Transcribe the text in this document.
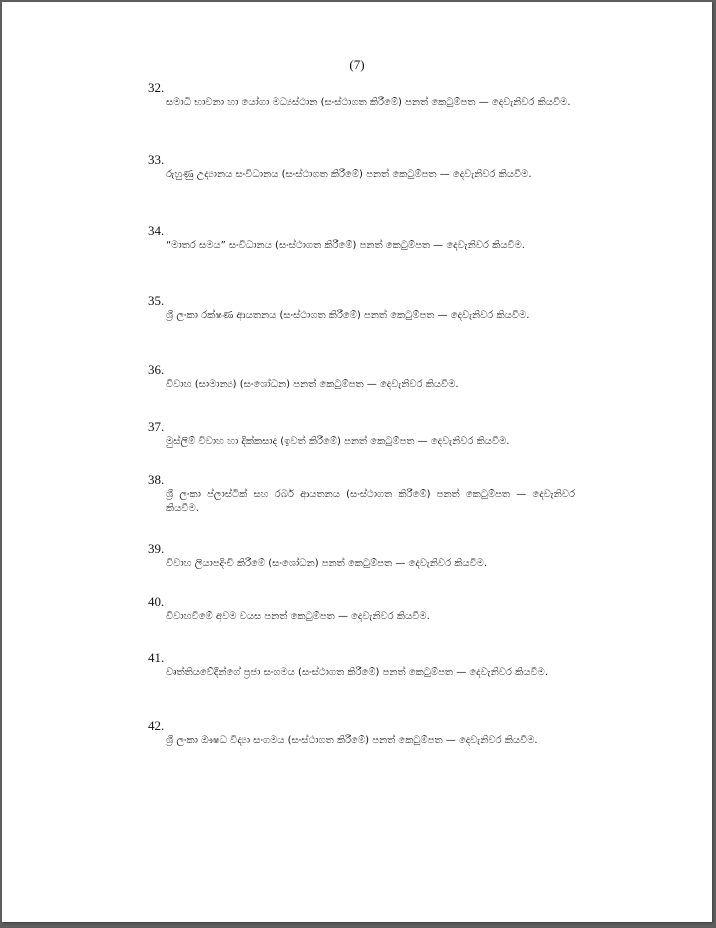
(7)
32.
සමාධි භාවනා හා යෝගා මධ්‍යස්ථාන (සංස්ථාගත කිරීමේ) පනත් කෙටුම්පත — දෙවැනිවර කියවීම.
33.
රුහුණු උද්‍යානය සංවිධානය (සංස්ථාගත කිරීමේ) පනත් කෙටුම්පත — දෙවැනිවර කියවීම.
34.
“මාතර සමය” සංවිධානය (සංස්ථාගත කිරීමේ) පනත් කෙටුම්පත — දෙවැනිවර කියවීම.
35.
ශ්‍රී ලංකා රක්ෂණ ආයතනය (සංස්ථාගත කිරීමේ) පනත් කෙටුම්පත — දෙවැනිවර කියවීම.
36.
විවාහ (සාමාන්‍ය) (සංශෝධන) පනත් කෙටුම්පත — දෙවැනිවර කියවීම.
37.
මුස්ලිම් විවාහ හා දික්කසාද (ඉවත් කිරීමේ) පනත් කෙටුම්පත — දෙවැනිවර කියවීම.
38.
ශ්‍රී ලංකා ප්ලාස්ටික් සහ රබර් ආයතනය (සංස්ථාගත කිරීමේ) පනත් කෙටුම්පත — දෙවැනිවර කියවීම.
39.
විවාහ ලියාපදිංචි කිරීමේ (සංශෝධන) පනත් කෙටුම්පත — දෙවැනිවර කියවීම.
40.
විවාහවීමේ අවම වයස පනත් කෙටුම්පත — දෙවැනිවර කියවීම.
41.
වෘත්තියවේදීන්ගේ ප්‍රජා සංගමය (සංස්ථාගත කිරීමේ) පනත් කෙටුම්පත — දෙවැනිවර කියවීම.
42.
ශ්‍රී ලංකා ඖෂධ විද්‍යා සංගමය (සංස්ථාගත කිරීමේ) පනත් කෙටුම්පත — දෙවැනිවර කියවීම.
